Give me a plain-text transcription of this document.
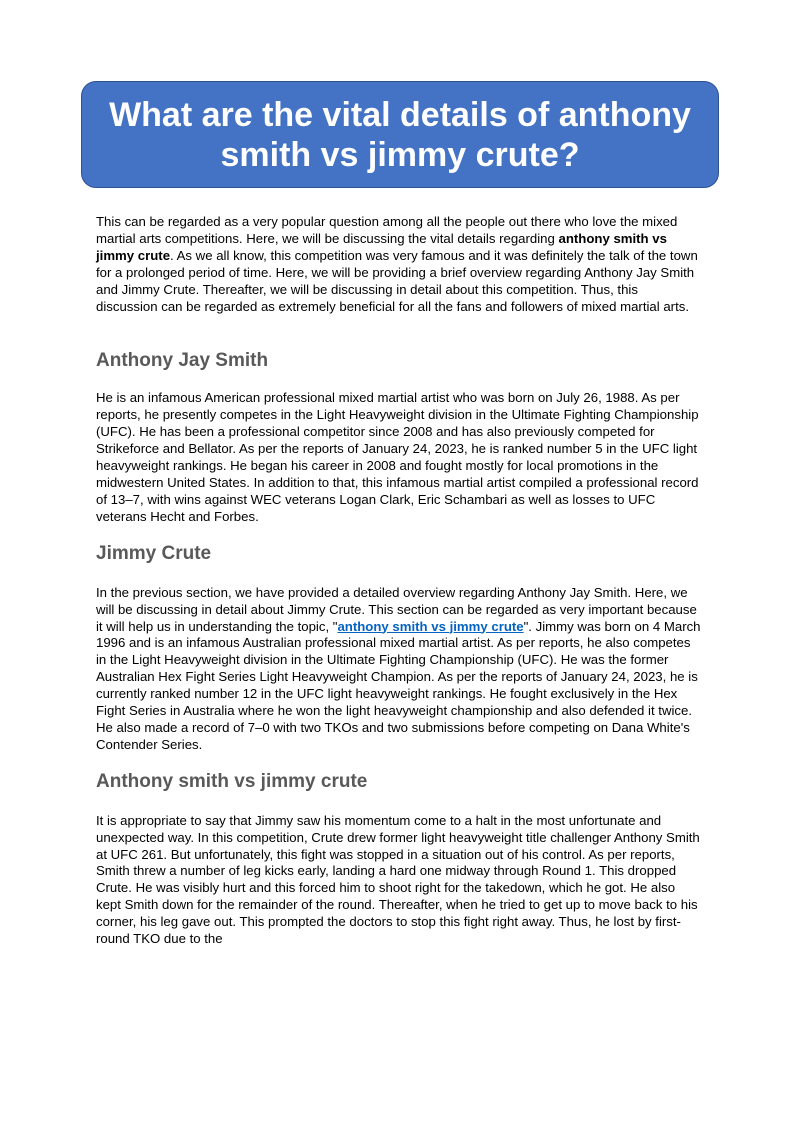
What are the vital details of anthony smith vs jimmy crute?

This can be regarded as a very popular question among all the people out there who love the mixed martial arts competitions. Here, we will be discussing the vital details regarding anthony smith vs jimmy crute. As we all know, this competition was very famous and it was definitely the talk of the town for a prolonged period of time. Here, we will be providing a brief overview regarding Anthony Jay Smith and Jimmy Crute. Thereafter, we will be discussing in detail about this competition. Thus, this discussion can be regarded as extremely beneficial for all the fans and followers of mixed martial arts.

Anthony Jay Smith

He is an infamous American professional mixed martial artist who was born on July 26, 1988. As per reports, he presently competes in the Light Heavyweight division in the Ultimate Fighting Championship (UFC). He has been a professional competitor since 2008 and has also previously competed for Strikeforce and Bellator. As per the reports of January 24, 2023, he is ranked number 5 in the UFC light heavyweight rankings. He began his career in 2008 and fought mostly for local promotions in the midwestern United States. In addition to that, this infamous martial artist compiled a professional record of 13–7, with wins against WEC veterans Logan Clark, Eric Schambari as well as losses to UFC veterans Hecht and Forbes.

Jimmy Crute

In the previous section, we have provided a detailed overview regarding Anthony Jay Smith. Here, we will be discussing in detail about Jimmy Crute. This section can be regarded as very important because it will help us in understanding the topic, "anthony smith vs jimmy crute". Jimmy was born on 4 March 1996 and is an infamous Australian professional mixed martial artist. As per reports, he also competes in the Light Heavyweight division in the Ultimate Fighting Championship (UFC). He was the former Australian Hex Fight Series Light Heavyweight Champion. As per the reports of January 24, 2023, he is currently ranked number 12 in the UFC light heavyweight rankings. He fought exclusively in the Hex Fight Series in Australia where he won the light heavyweight championship and also defended it twice. He also made a record of 7–0 with two TKOs and two submissions before competing on Dana White's Contender Series.

Anthony smith vs jimmy crute

It is appropriate to say that Jimmy saw his momentum come to a halt in the most unfortunate and unexpected way. In this competition, Crute drew former light heavyweight title challenger Anthony Smith at UFC 261. But unfortunately, this fight was stopped in a situation out of his control. As per reports, Smith threw a number of leg kicks early, landing a hard one midway through Round 1. This dropped Crute. He was visibly hurt and this forced him to shoot right for the takedown, which he got. He also kept Smith down for the remainder of the round. Thereafter, when he tried to get up to move back to his corner, his leg gave out. This prompted the doctors to stop this fight right away. Thus, he lost by first-round TKO due to the
